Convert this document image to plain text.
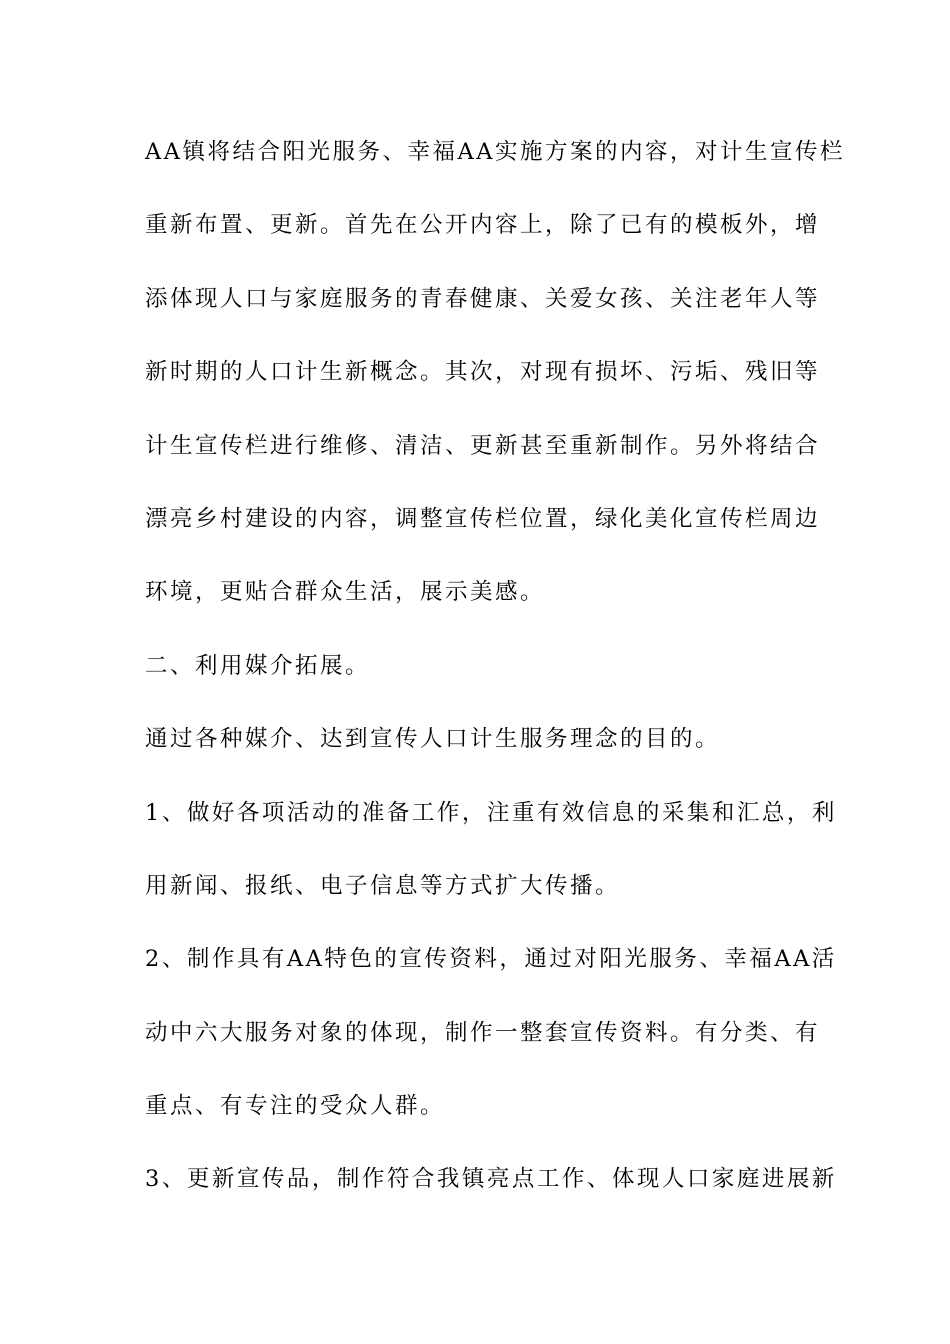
AA镇将结合阳光服务、幸福AA实施方案的内容，对计生宣传栏
重新布置、更新。首先在公开内容上，除了已有的模板外，增
添体现人口与家庭服务的青春健康、关爱女孩、关注老年人等
新时期的人口计生新概念。其次，对现有损坏、污垢、残旧等
计生宣传栏进行维修、清洁、更新甚至重新制作。另外将结合
漂亮乡村建设的内容，调整宣传栏位置，绿化美化宣传栏周边
环境，更贴合群众生活，展示美感。
二、利用媒介拓展。
通过各种媒介、达到宣传人口计生服务理念的目的。
1、做好各项活动的准备工作，注重有效信息的采集和汇总，利
用新闻、报纸、电子信息等方式扩大传播。
2、制作具有AA特色的宣传资料，通过对阳光服务、幸福AA活
动中六大服务对象的体现，制作一整套宣传资料。有分类、有
重点、有专注的受众人群。
3、更新宣传品，制作符合我镇亮点工作、体现人口家庭进展新
